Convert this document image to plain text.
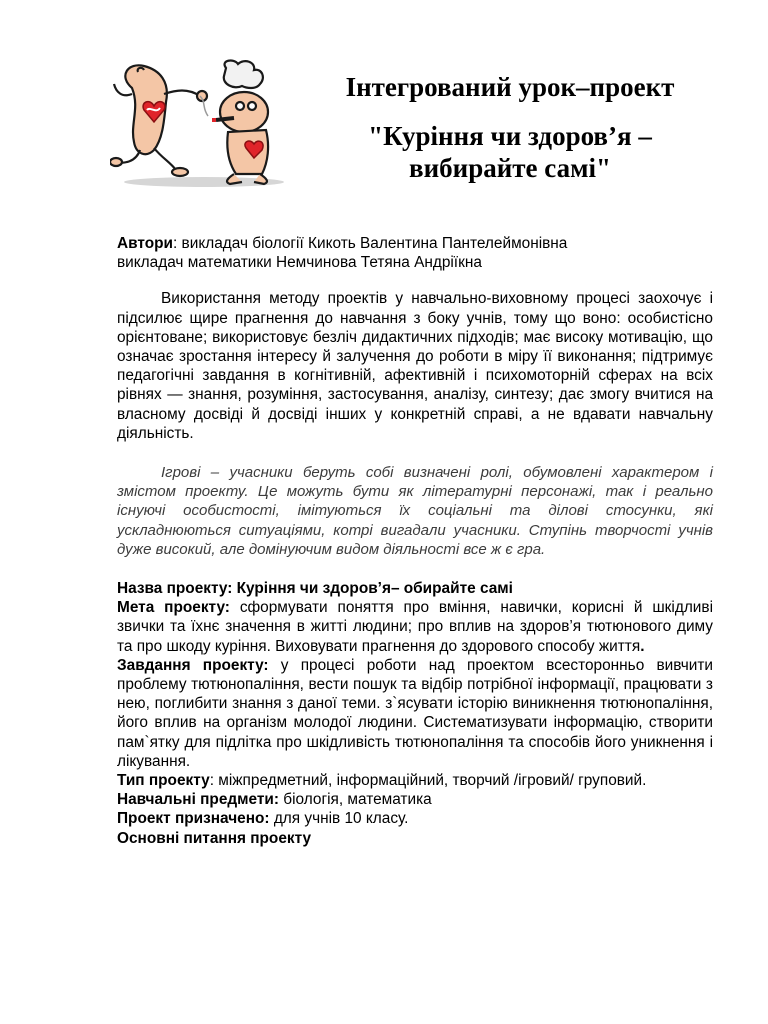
Інтегрований урок–проект

"Куріння чи здоров’я –
вибирайте самі"

Автори: викладач біології Кикоть Валентина Пантелеймонівна

викладач математики Немчинова Тетяна Андріїкна

Використання методу проектів у навчально-виховному процесі заохочує і підсилює щире прагнення до навчання з боку учнів, тому що воно: особистісно орієнтоване; використовує безліч дидактичних підходів; має високу мотивацію, що означає зростання інтересу й залучення до роботи в міру її виконання; підтримує педагогічні завдання в когнітивній, афективній і психомоторній сферах на всіх рівнях — знання, розуміння, застосування, аналізу, синтезу; дає змогу вчитися на власному досвіді й досвіді інших у конкретній справі, а не вдавати навчальну діяльність.

Ігрові – учасники беруть собі визначені ролі, обумовлені характером і змістом проекту. Це можуть бути як літературні персонажі, так і реально існуючі особистості, імітуються їх соціальні та ділові стосунки, які ускладнюються ситуаціями, котрі вигадали учасники. Ступінь творчості учнів дуже високий, але домінуючим видом діяльності все ж є гра.

Назва проекту: Куріння чи здоров’я– обирайте самі

Мета проекту: сформувати поняття про вміння, навички, корисні й шкідливі звички та їхнє значення в житті людини; про вплив на здоров’я тютюнового диму та про шкоду куріння. Виховувати прагнення до здорового способу життя.

Завдання проекту: у процесі роботи над проектом всесторонньо вивчити проблему тютюнопаління, вести пошук та відбір потрібної інформації, працювати з нею, поглибити знання з даної теми. з`ясувати історію виникнення тютюнопаління, його вплив на організм молодої людини. Систематизувати інформацію, створити пам`ятку для підлітка про шкідливість тютюнопаління та способів його уникнення і лікування.

Тип проекту: міжпредметний, інформаційний, творчий /ігровий/ груповий.

Навчальні предмети: біологія, математика

Проект призначено: для учнів 10 класу.

Основні питання проекту
